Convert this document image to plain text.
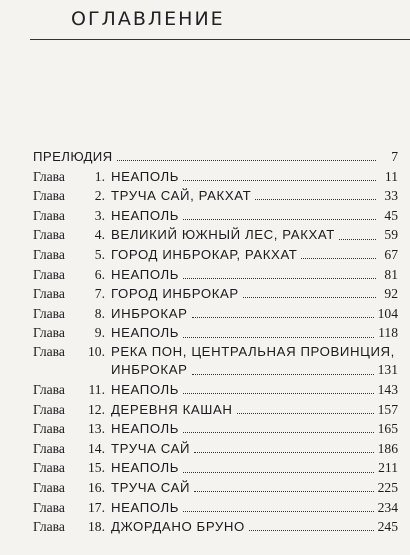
ОГЛАВЛЕНИЕ
ПРЕЛЮДИЯ	7
Глава	1. НЕАПОЛЬ	11
Глава	2. ТРУЧА САЙ, РАКХАТ	33
Глава	3. НЕАПОЛЬ	45
Глава	4. ВЕЛИКИЙ ЮЖНЫЙ ЛЕС, РАКХАТ	59
Глава	5. ГОРОД ИНБРОКАР, РАКХАТ	67
Глава	6. НЕАПОЛЬ	81
Глава	7. ГОРОД ИНБРОКАР	92
Глава	8. ИНБРОКАР	104
Глава	9. НЕАПОЛЬ	118
Глава	10. РЕКА ПОН, ЦЕНТРАЛЬНАЯ ПРОВИНЦИЯ,
ИНБРОКАР	131
Глава	11. НЕАПОЛЬ	143
Глава	12. ДЕРЕВНЯ КАШАН	157
Глава	13. НЕАПОЛЬ	165
Глава	14. ТРУЧА САЙ	186
Глава	15. НЕАПОЛЬ	211
Глава	16. ТРУЧА САЙ	225
Глава	17. НЕАПОЛЬ	234
Глава	18. ДЖОРДАНО БРУНО	245
